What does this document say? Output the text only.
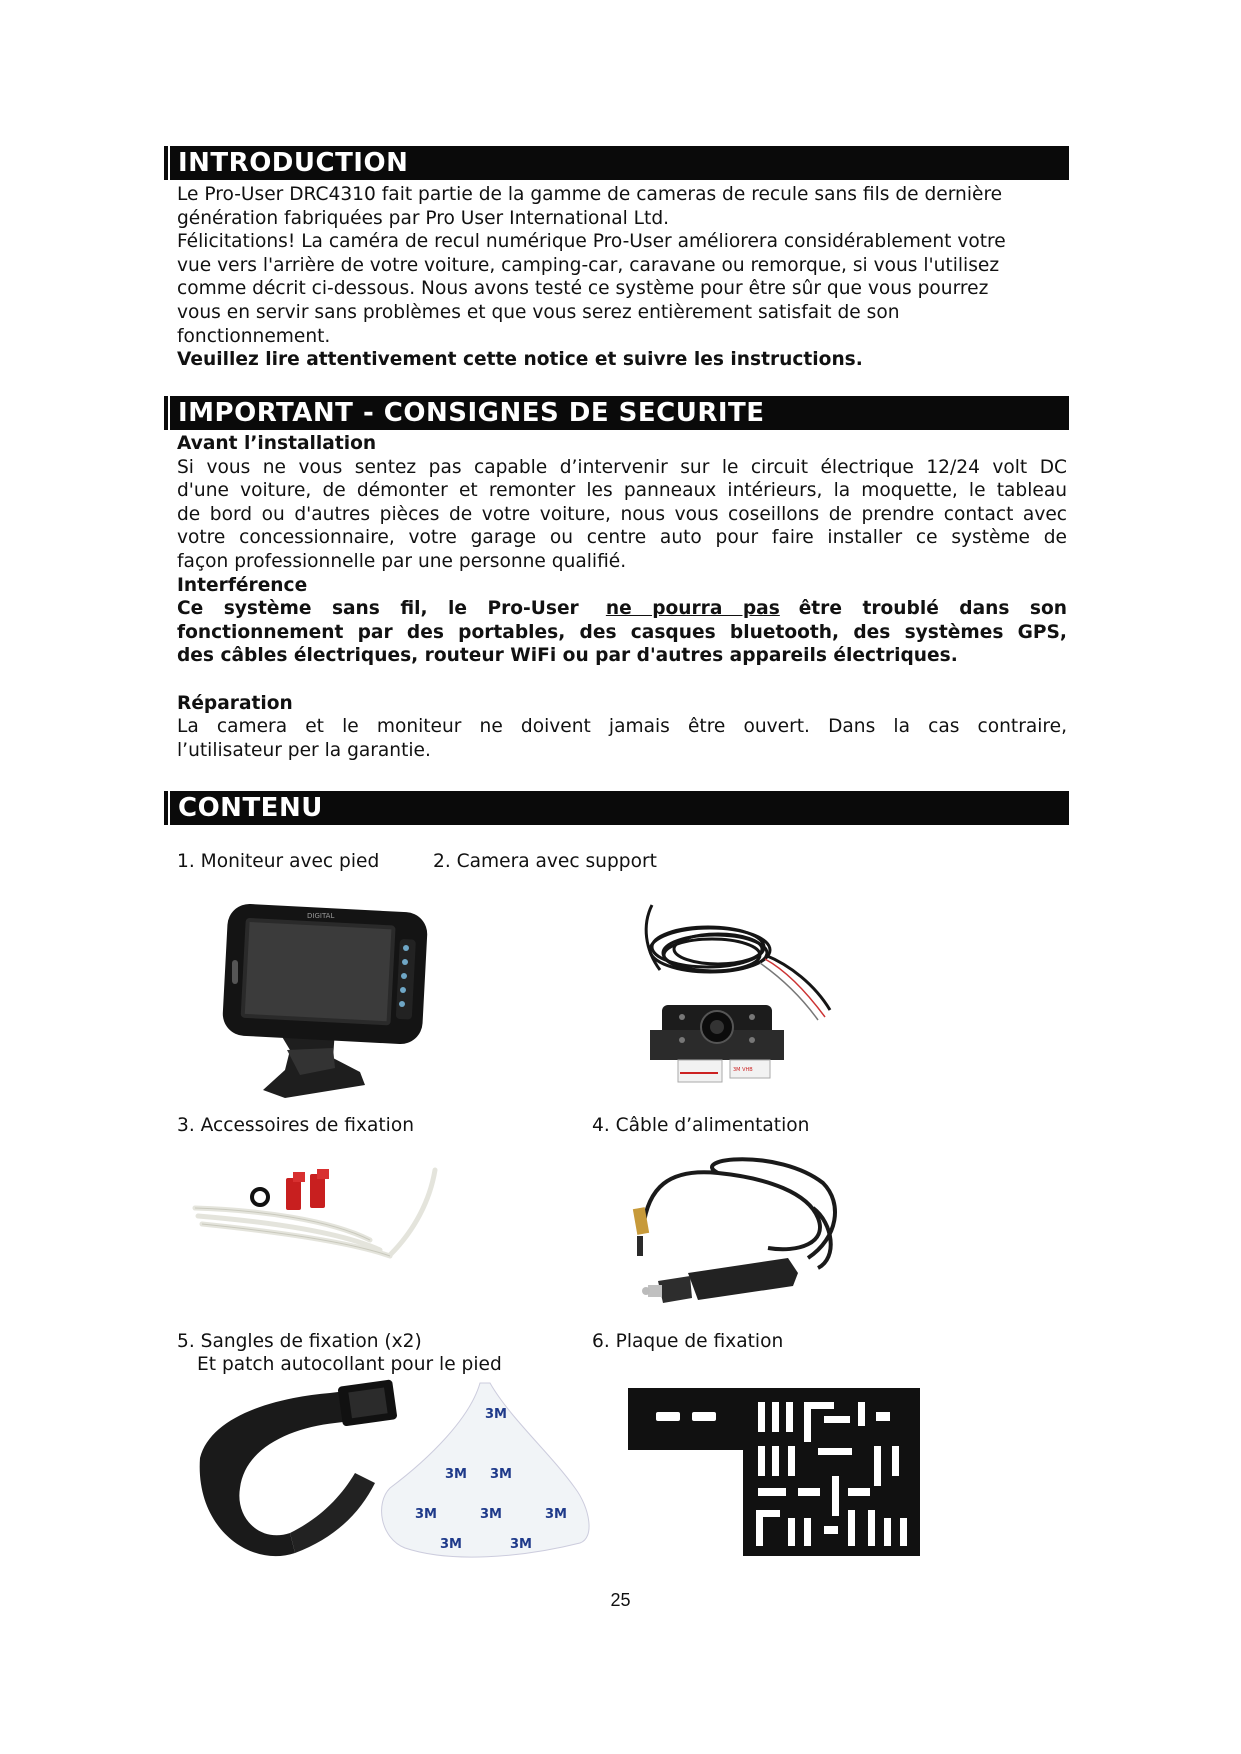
INTRODUCTION
Le Pro-User DRC4310 fait partie de la gamme de cameras de recule sans fils de dernière
génération fabriquées par Pro User International Ltd.
Félicitations! La caméra de recul numérique Pro-User améliorera considérablement votre
vue vers l'arrière de votre voiture, camping-car, caravane ou remorque, si vous l'utilisez
comme décrit ci-dessous. Nous avons testé ce système pour être sûr que vous pourrez
vous en servir sans problèmes et que vous serez entièrement satisfait de son
fonctionnement.
Veuillez lire attentivement cette notice et suivre les instructions.
IMPORTANT - CONSIGNES DE SECURITE
Avant l’installation
Si vous ne vous sentez pas capable d’intervenir sur le circuit électrique 12/24 volt DC
d'une voiture, de démonter et remonter les panneaux intérieurs, la moquette, le tableau
de bord ou d'autres pièces de votre voiture, nous vous coseillons de prendre contact avec
votre concessionnaire, votre garage ou centre auto pour faire installer ce système de
façon professionnelle par une personne qualifié.
Interférence
Ce système sans fil, le Pro-User	ne pourra pas être troublé dans son
fonctionnement par des portables, des casques bluetooth, des systèmes GPS,
des câbles électriques, routeur WiFi ou par d'autres appareils électriques.
Réparation
La camera et le moniteur ne doivent jamais être ouvert. Dans la cas contraire,
l’utilisateur per la garantie.
CONTENU
1. Moniteur avec pied	2. Camera avec support
DIGITAL
3M VHB
3. Accessoires de fixation	4. Câble d’alimentation
5. Sangles de fixation (x2)
Et patch autocollant pour le pied
6. Plaque de fixation
3M
3M 3M
3M	3M
3M	3M
3M
25
